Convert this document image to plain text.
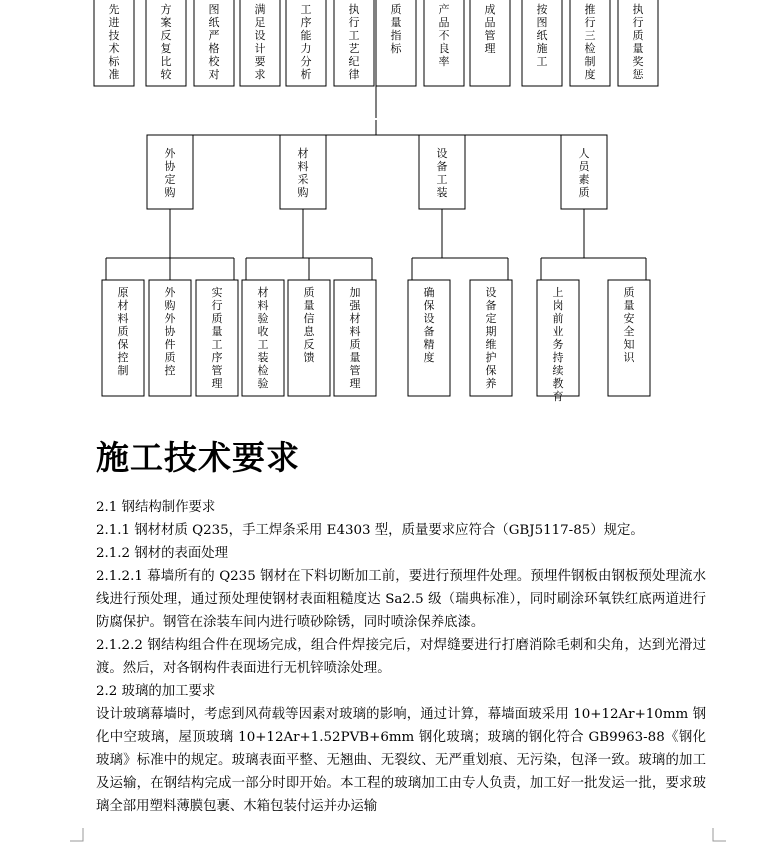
先进技术标准
方案反复比较
图纸严格校对
满足设计要求
工序能力分析
执行工艺纪律
质量指标
产品不良率
成品管理
按图纸施工
推行三检制度
执行质量奖惩
外协定购
材料采购
设备工装
人员素质
原材料质保控制
外购外协件质控
实行质量工序管理
材料验收工装检验
质量信息反馈
加强材料质量管理
确保设备精度
设备定期维护保养
上岗前业务持续教育
质量安全知识
施工技术要求

2.1 钢结构制作要求

2.1.1 钢材材质 Q235，手工焊条采用 E4303 型，质量要求应符合（GBJ5117-85）规定。

2.1.2 钢材的表面处理

2.1.2.1 幕墙所有的 Q235 钢材在下料切断加工前，要进行预埋件处理。预埋件钢板由钢板预处理流水线进行预处理，通过预处理使钢材表面粗糙度达 Sa2.5 级（瑞典标准），同时刷涂环氧铁红底两道进行防腐保护。钢管在涂装车间内进行喷砂除锈，同时喷涂保养底漆。

2.1.2.2 钢结构组合件在现场完成，组合件焊接完后，对焊缝要进行打磨消除毛刺和尖角，达到光滑过渡。然后，对各钢构件表面进行无机锌喷涂处理。

2.2 玻璃的加工要求

设计玻璃幕墙时，考虑到风荷载等因素对玻璃的影响，通过计算，幕墙面玻采用 10+12Ar+10mm 钢化中空玻璃，屋顶玻璃 10+12Ar+1.52PVB+6mm 钢化玻璃；玻璃的钢化符合 GB9963-88《钢化玻璃》标准中的规定。玻璃表面平整、无翘曲、无裂纹、无严重划痕、无污染，包泽一致。玻璃的加工及运输，在钢结构完成一部分时即开始。本工程的玻璃加工由专人负责，加工好一批发运一批，要求玻璃全部用塑料薄膜包裹、木箱包装付运并办运输
